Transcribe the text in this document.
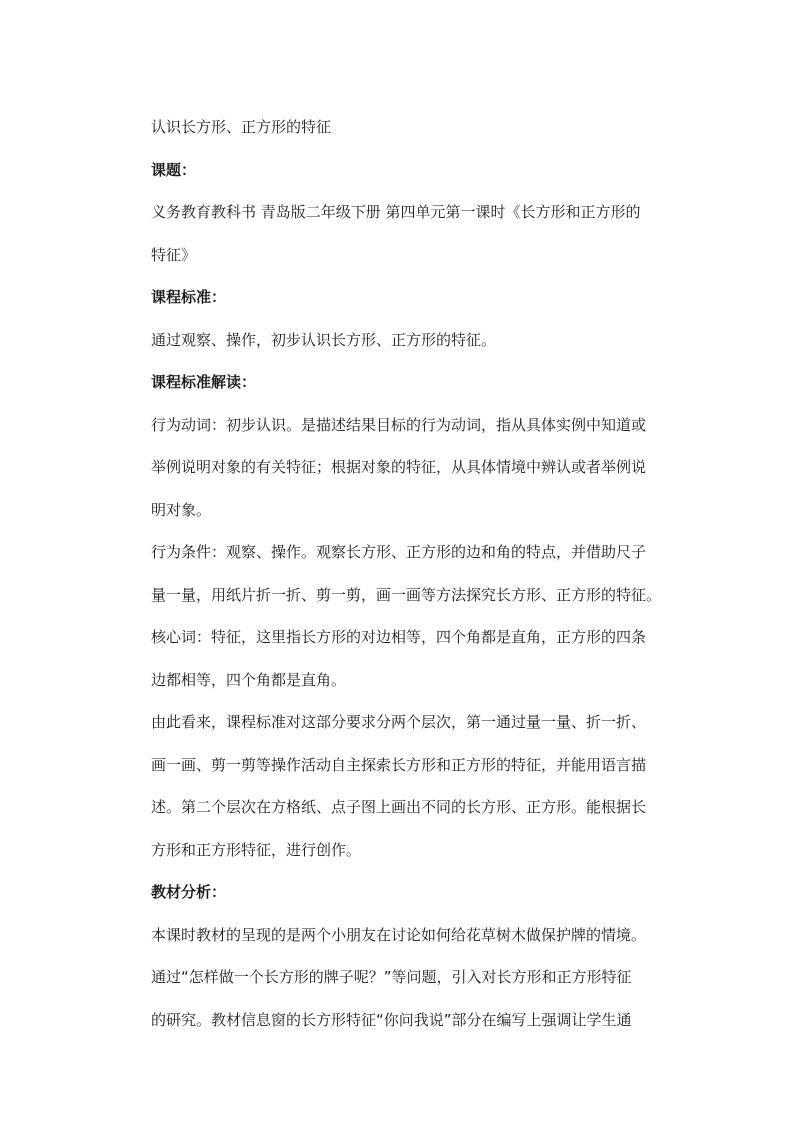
认识长方形、正方形的特征
课题：
义务教育教科书 青岛版二年级下册 第四单元第一课时《长方形和正方形的
特征》
课程标准：
通过观察、操作，初步认识长方形、正方形的特征。
课程标准解读：
行为动词：初步认识。是描述结果目标的行为动词，指从具体实例中知道或
举例说明对象的有关特征；根据对象的特征，从具体情境中辨认或者举例说
明对象。
行为条件：观察、操作。观察长方形、正方形的边和角的特点，并借助尺子
量一量，用纸片折一折、剪一剪，画一画等方法探究长方形、正方形的特征。
核心词：特征，这里指长方形的对边相等，四个角都是直角，正方形的四条
边都相等，四个角都是直角。
由此看来，课程标准对这部分要求分两个层次，第一通过量一量、折一折、
画一画、剪一剪等操作活动自主探索长方形和正方形的特征，并能用语言描
述。第二个层次在方格纸、点子图上画出不同的长方形、正方形。能根据长
方形和正方形特征，进行创作。
教材分析：
本课时教材的呈现的是两个小朋友在讨论如何给花草树木做保护牌的情境。
通过“怎样做一个长方形的牌子呢？”等问题，引入对长方形和正方形特征
的研究。教材信息窗的长方形特征“你问我说”部分在编写上强调让学生通
